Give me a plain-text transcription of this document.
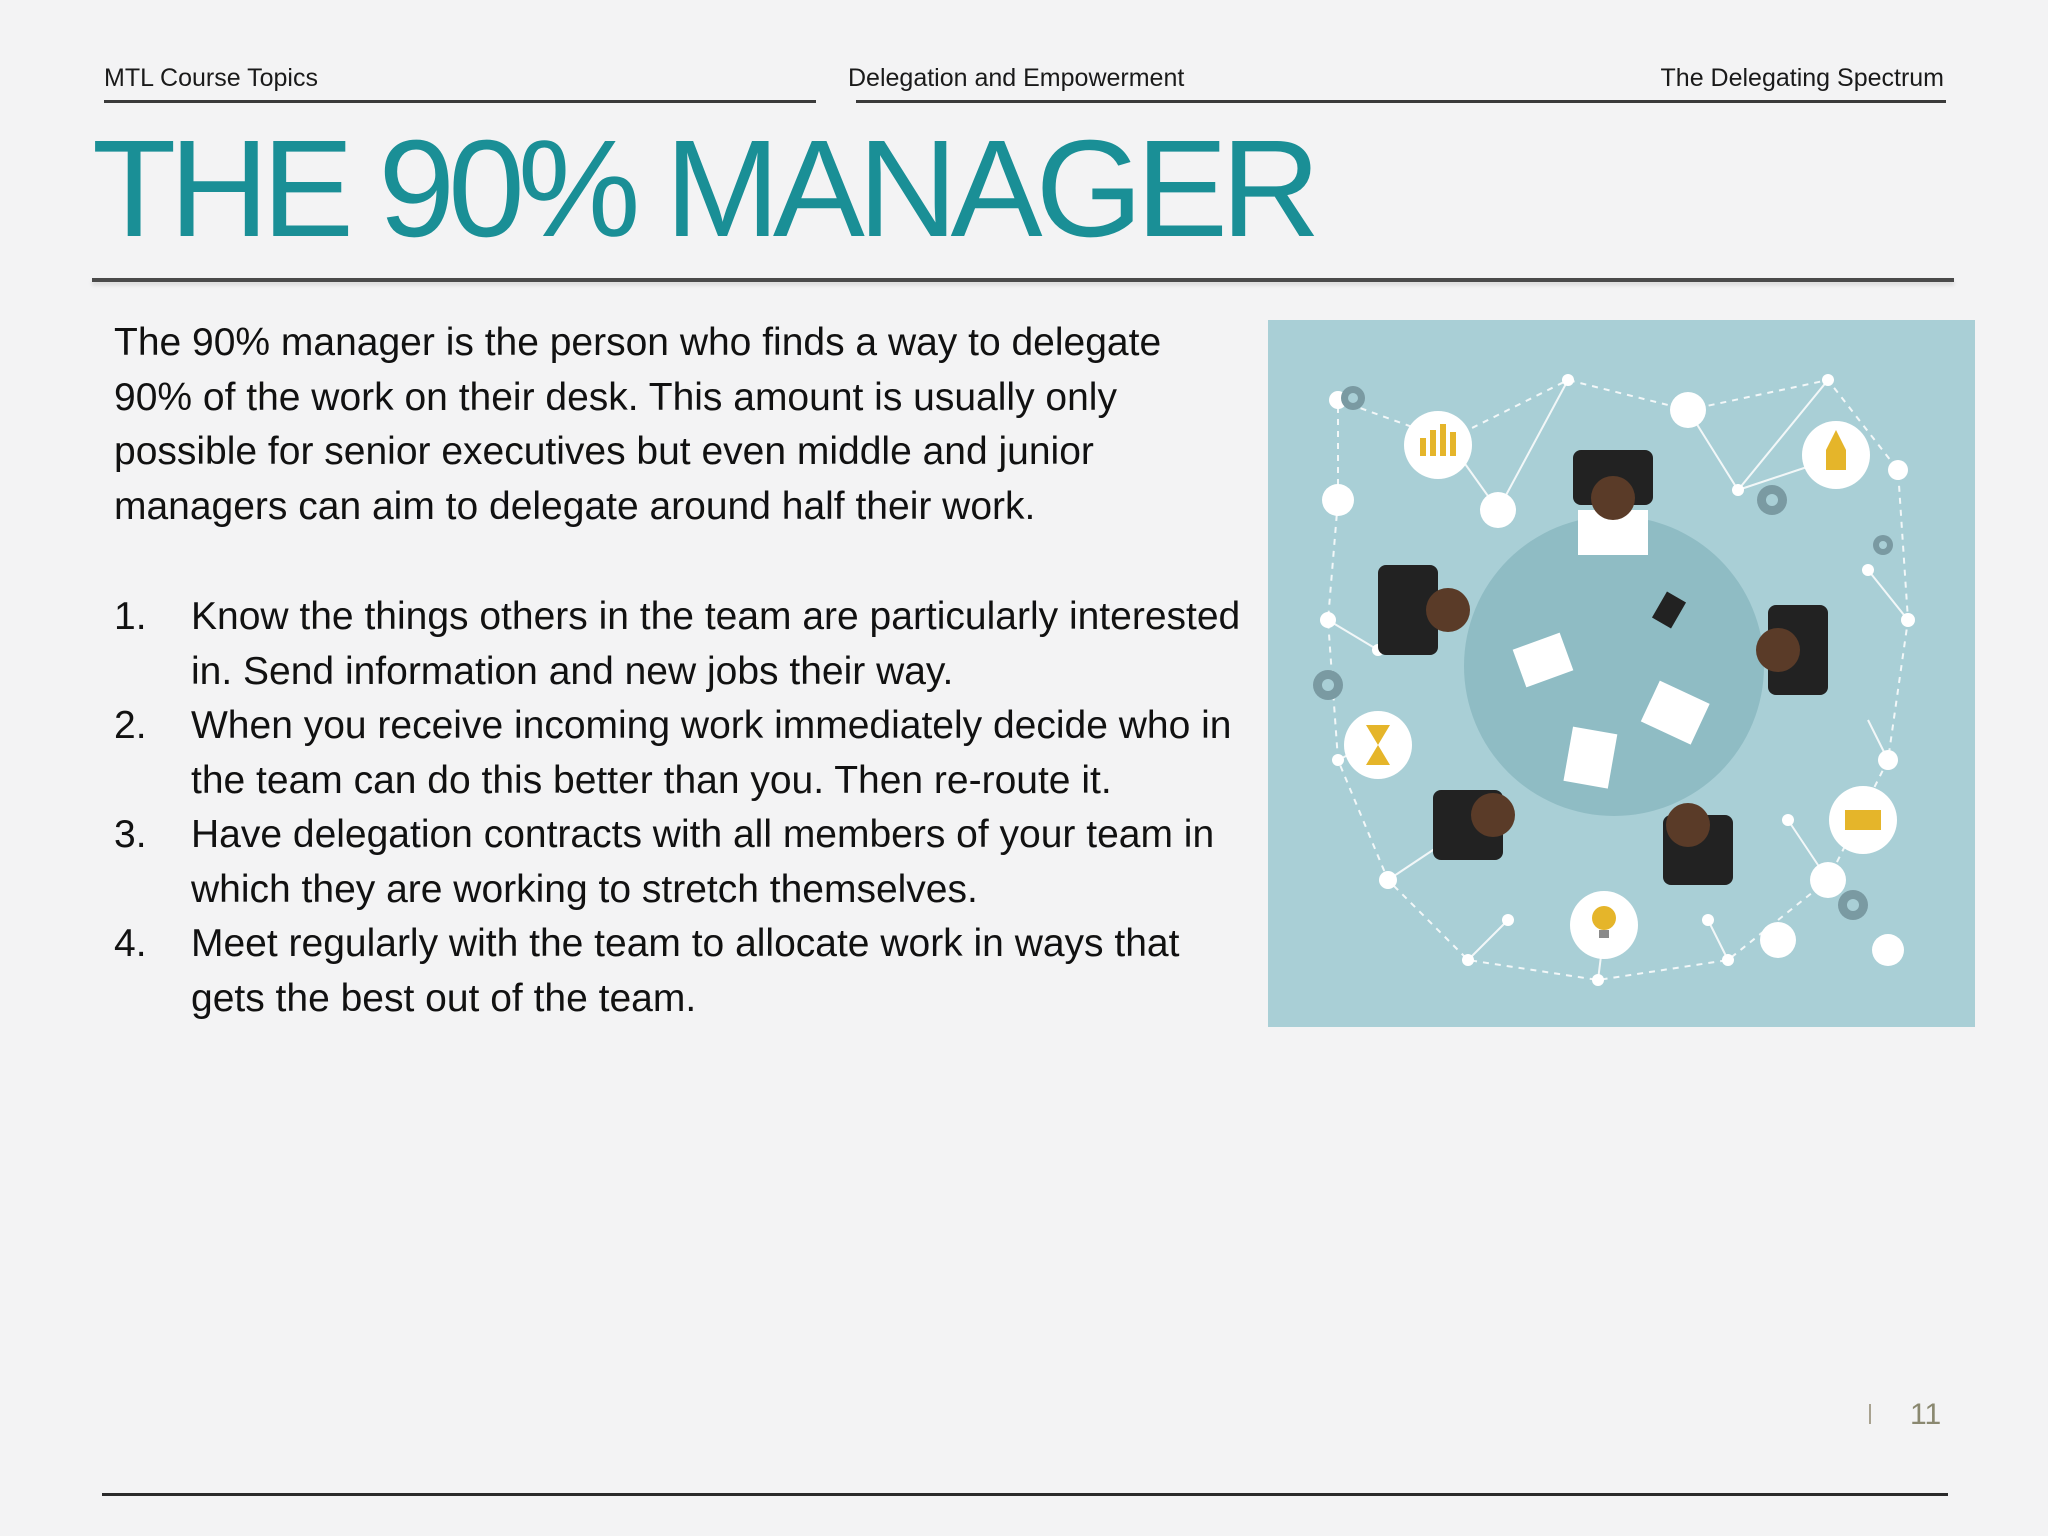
MTL Course Topics	Delegation and Empowerment	The Delegating Spectrum
THE 90% MANAGER

The 90% manager is the person who finds a way to delegate 90% of the work on their desk. This amount is usually only possible for senior executives but even middle and junior managers can aim to delegate around half their work.

1. Know the things others in the team are particularly interested in. Send information and new jobs their way.
2. When you receive incoming work immediately decide who in the team can do this better than you. Then re-route it.
3. Have delegation contracts with all members of your team in which they are working to stretch themselves.
4. Meet regularly with the team to allocate work in ways that gets the best out of the team.
11
